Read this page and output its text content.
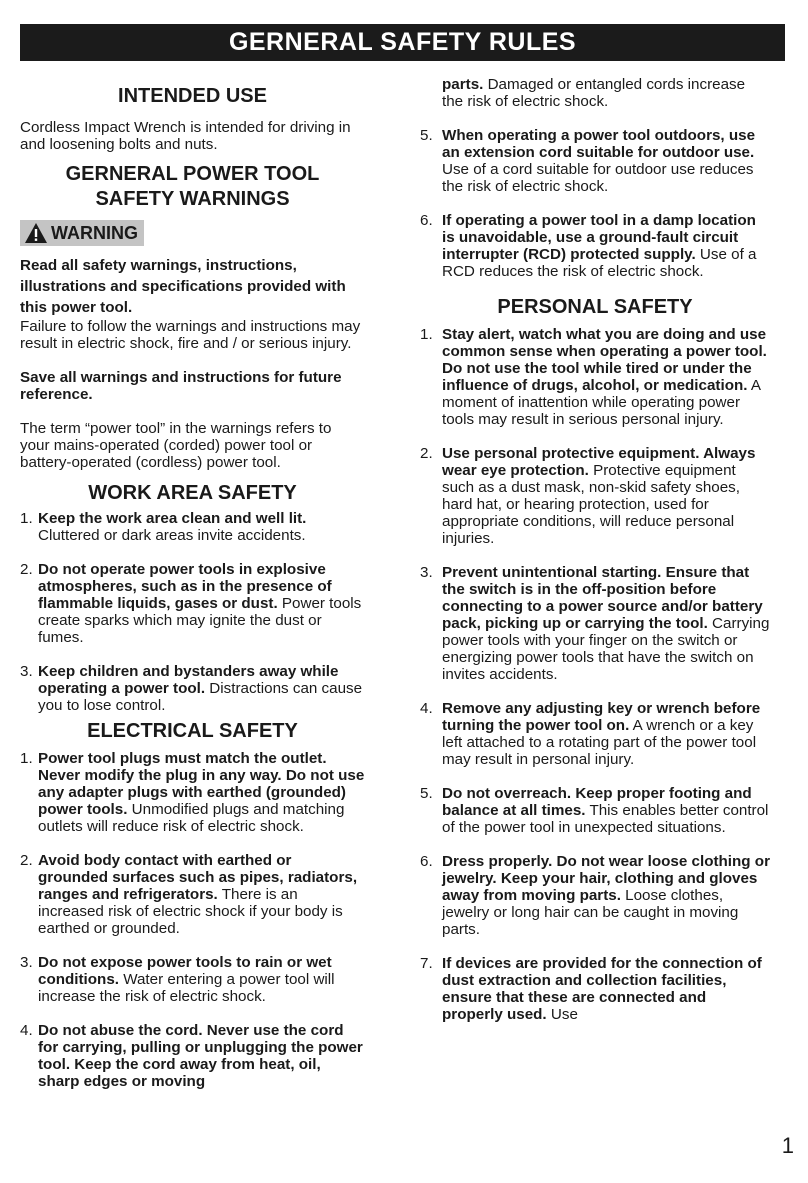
GERNERAL SAFETY RULES
INTENDED USE

Cordless Impact Wrench is intended for driving in and loosening bolts and nuts.

GERNERAL POWER TOOL
SAFETY WARNINGS
WARNING

Read all safety warnings, instructions, illustrations and specifications provided with this power tool.

Failure to follow the warnings and instructions may result in electric shock, fire and / or serious injury.

Save all warnings and instructions for future reference.

The term “power tool” in the warnings refers to your mains-operated (corded) power tool or battery-operated (cordless) power tool.

WORK AREA SAFETY
1. Keep the work area clean and well lit. Cluttered or dark areas invite accidents.
2. Do not operate power tools in explosive atmospheres, such as in the presence of flammable liquids, gases or dust. Power tools create sparks which may ignite the dust or fumes.
3. Keep children and bystanders away while operating a power tool. Distractions can cause you to lose control.
ELECTRICAL SAFETY
1. Power tool plugs must match the outlet. Never modify the plug in any way. Do not use any adapter plugs with earthed (grounded) power tools. Unmodified plugs and matching outlets will reduce risk of electric shock.
2. Avoid body contact with earthed or grounded surfaces such as pipes, radiators, ranges and refrigerators. There is an increased risk of electric shock if your body is earthed or grounded.
3. Do not expose power tools to rain or wet conditions. Water entering a power tool will increase the risk of electric shock.
4. Do not abuse the cord. Never use the cord for carrying, pulling or unplugging the power tool. Keep the cord away from heat, oil, sharp edges or moving

parts. Damaged or entangled cords increase the risk of electric shock.

5. When operating a power tool outdoors, use an extension cord suitable for outdoor use. Use of a cord suitable for outdoor use reduces the risk of electric shock.
6. If operating a power tool in a damp location is unavoidable, use a ground-fault circuit interrupter (RCD) protected supply. Use of a RCD reduces the risk of electric shock.
PERSONAL SAFETY
1. Stay alert, watch what you are doing and use common sense when operating a power tool. Do not use the tool while tired or under the influence of drugs, alcohol, or medication. A moment of inattention while operating power tools may result in serious personal injury.
2. Use personal protective equipment. Always wear eye protection. Protective equipment such as a dust mask, non-skid safety shoes, hard hat, or hearing protection, used for appropriate conditions, will reduce personal injuries.
3. Prevent unintentional starting. Ensure that the switch is in the off-position before connecting to a power source and/or battery pack, picking up or carrying the tool. Carrying power tools with your finger on the switch or energizing power tools that have the switch on invites accidents.
4. Remove any adjusting key or wrench before turning the power tool on. A wrench or a key left attached to a rotating part of the power tool may result in personal injury.
5. Do not overreach. Keep proper footing and balance at all times. This enables better control of the power tool in unexpected situations.
6. Dress properly. Do not wear loose clothing or jewelry. Keep your hair, clothing and gloves away from moving parts. Loose clothes, jewelry or long hair can be caught in moving parts.
7. If devices are provided for the connection of dust extraction and collection facilities, ensure that these are connected and properly used. Use
1
